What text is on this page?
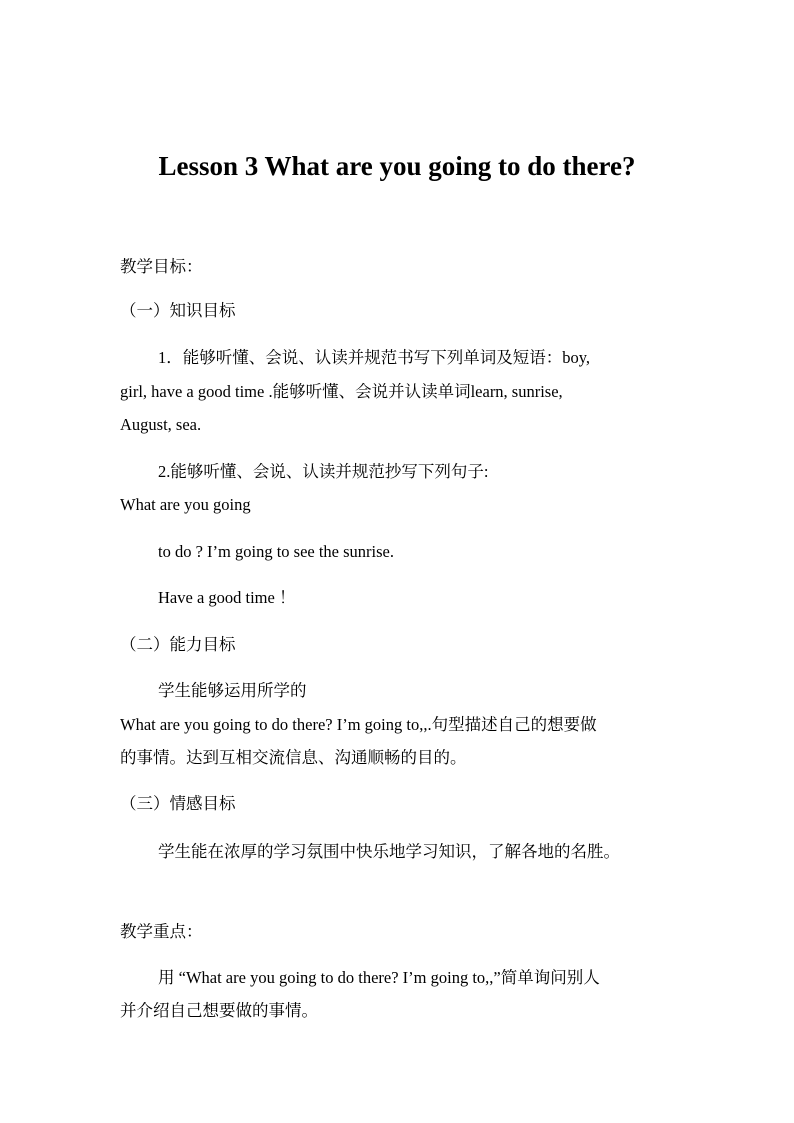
Lesson 3 What are you going to do there?
教学目标：
（一）知识目标
1．能够听懂、会说、认读并规范书写下列单词及短语：boy,
girl, have a good time .能够听懂、会说并认读单词learn, sunrise,
August, sea.
2.能够听懂、会说、认读并规范抄写下列句子:
What are you going
to do ? I’m going to see the sunrise.
Have a good time ！
（二）能力目标
学生能够运用所学的
What are you going to do there? I’m going to,,.句型描述自己的想要做
的事情。达到互相交流信息、沟通顺畅的目的。
（三）情感目标
学生能在浓厚的学习氛围中快乐地学习知识，了解各地的名胜。
教学重点：
用 “What are you going to do there? I’m going to,,”简单询问别人
并介绍自己想要做的事情。
